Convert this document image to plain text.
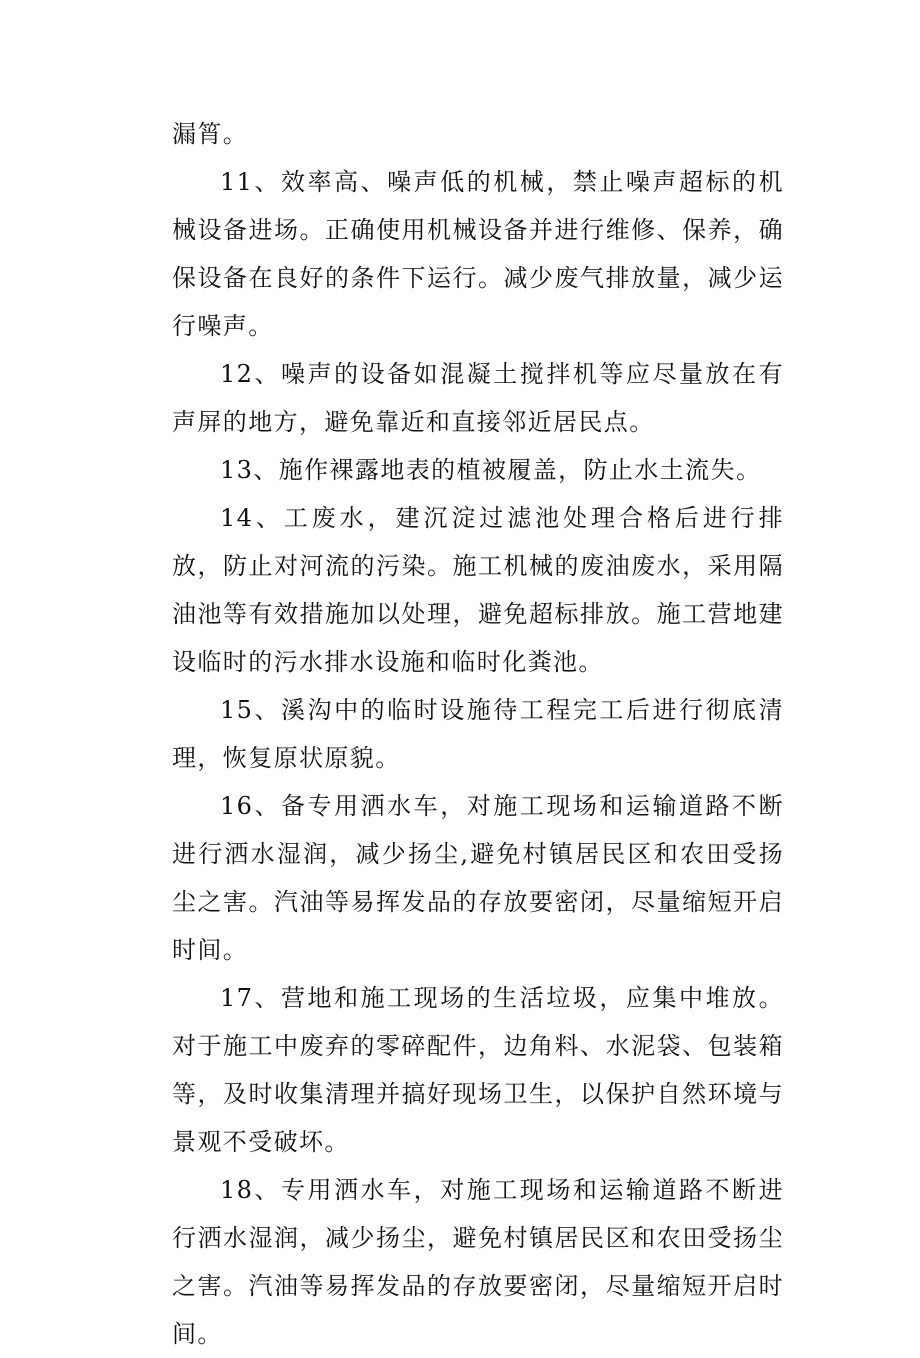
漏筲。

11、效率高、噪声低的机械，禁止噪声超标的机械设备进场。正确使用机械设备并进行维修、保养，确保设备在良好的条件下运行。减少废气排放量，减少运行噪声。

12、噪声的设备如混凝土搅拌机等应尽量放在有声屏的地方，避免靠近和直接邻近居民点。

13、施作裸露地表的植被履盖，防止水土流失。

14、工废水，建沉淀过滤池处理合格后进行排放，防止对河流的污染。施工机械的废油废水，采用隔油池等有效措施加以处理，避免超标排放。施工营地建设临时的污水排水设施和临时化粪池。

15、溪沟中的临时设施待工程完工后进行彻底清理，恢复原状原貌。

16、备专用洒水车，对施工现场和运输道路不断进行洒水湿润，减少扬尘,避免村镇居民区和农田受扬尘之害。汽油等易挥发品的存放要密闭，尽量缩短开启时间。

17、营地和施工现场的生活垃圾，应集中堆放。对于施工中废弃的零碎配件，边角料、水泥袋、包装箱等，及时收集清理并搞好现场卫生，以保护自然环境与景观不受破坏。

18、专用洒水车，对施工现场和运输道路不断进行洒水湿润，减少扬尘，避免村镇居民区和农田受扬尘之害。汽油等易挥发品的存放要密闭，尽量缩短开启时间。
